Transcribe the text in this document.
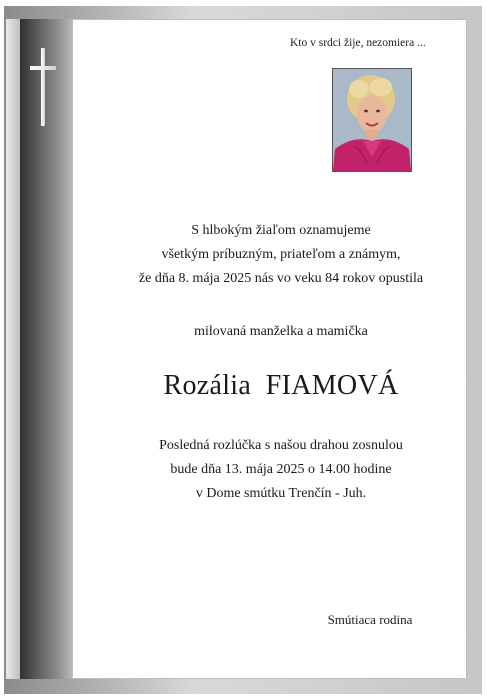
Kto v srdci žije, nezomiera ...
S hlbokým žiaľom oznamujeme
všetkým príbuzným, priateľom a známym,
že dňa 8. mája 2025 nás vo veku 84 rokov opustila
milovaná manželka a mamička
Rozália  FIAMOVÁ
Posledná rozlúčka s našou drahou zosnulou
bude dňa 13. mája 2025 o 14.00 hodine
v Dome smútku Trenčín - Juh.
Smútiaca rodina
